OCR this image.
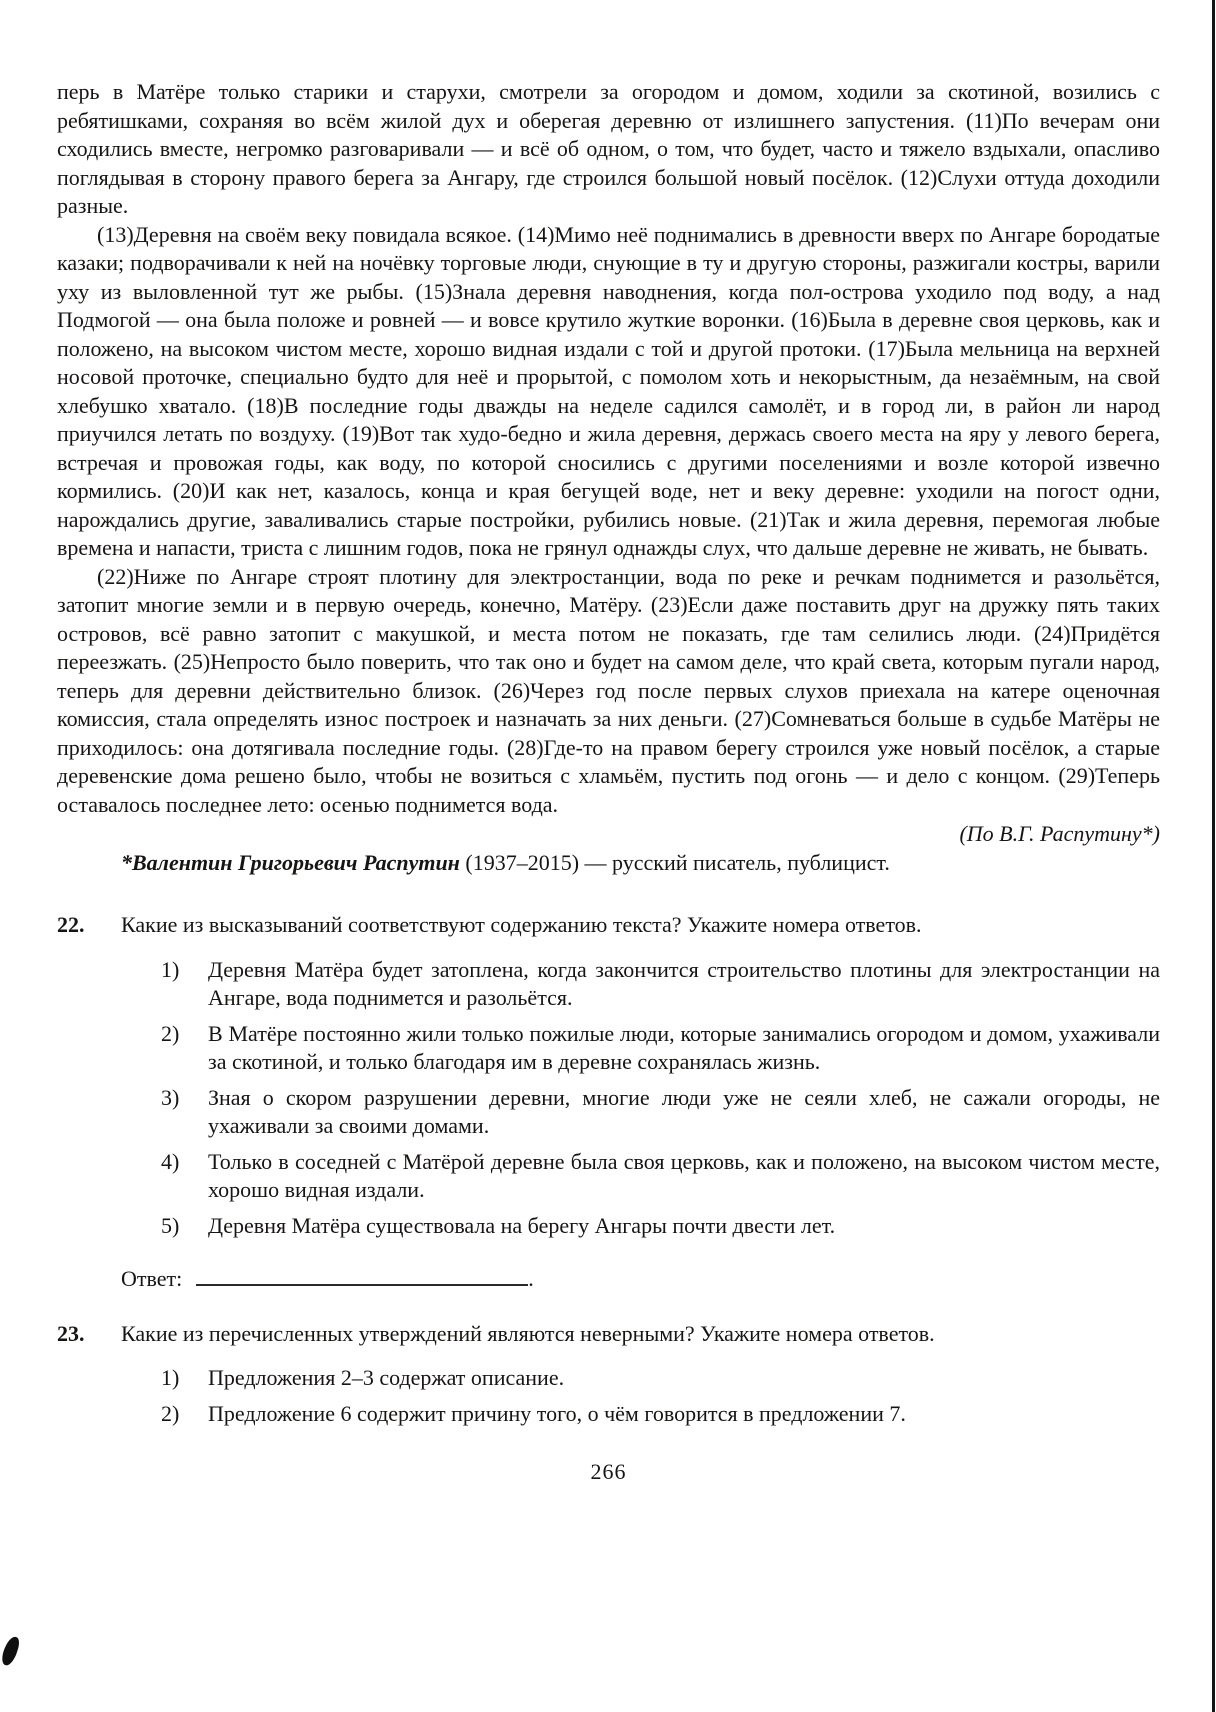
перь в Матёре только старики и старухи, смотрели за огородом и домом, ходили за скотиной, возились с ребятишками, сохраняя во всём жилой дух и оберегая деревню от излишнего запустения. (11)По вечерам они сходились вместе, негромко разговаривали — и всё об одном, о том, что будет, часто и тяжело вздыхали, опасливо поглядывая в сторону правого берега за Ангару, где строился большой новый посёлок. (12)Слухи оттуда доходили разные.

(13)Деревня на своём веку повидала всякое. (14)Мимо неё поднимались в древности вверх по Ангаре бородатые казаки; подворачивали к ней на ночёвку торговые люди, снующие в ту и другую стороны, разжигали костры, варили уху из выловленной тут же рыбы. (15)Знала деревня наводнения, когда пол-острова уходило под воду, а над Подмогой — она была положе и ровней — и вовсе крутило жуткие воронки. (16)Была в деревне своя церковь, как и положено, на высоком чистом месте, хорошо видная издали с той и другой протоки. (17)Была мельница на верхней носовой проточке, специально будто для неё и прорытой, с помолом хоть и некорыстным, да незаёмным, на свой хлебушко хватало. (18)В последние годы дважды на неделе садился самолёт, и в город ли, в район ли народ приучился летать по воздуху. (19)Вот так худо-бедно и жила деревня, держась своего места на яру у левого берега, встречая и провожая годы, как воду, по которой сносились с другими поселениями и возле которой извечно кормились. (20)И как нет, казалось, конца и края бегущей воде, нет и веку деревне: уходили на погост одни, нарождались другие, заваливались старые постройки, рубились новые. (21)Так и жила деревня, перемогая любые времена и напасти, триста с лишним годов, пока не грянул однажды слух, что дальше деревне не живать, не бывать.

(22)Ниже по Ангаре строят плотину для электростанции, вода по реке и речкам поднимется и разольётся, затопит многие земли и в первую очередь, конечно, Матёру. (23)Если даже поставить друг на дружку пять таких островов, всё равно затопит с макушкой, и места потом не показать, где там селились люди. (24)Придётся переезжать. (25)Непросто было поверить, что так оно и будет на самом деле, что край света, которым пугали народ, теперь для деревни действительно близок. (26)Через год после первых слухов приехала на катере оценочная комиссия, стала определять износ построек и назначать за них деньги. (27)Сомневаться больше в судьбе Матёры не приходилось: она дотягивала последние годы. (28)Где-то на правом берегу строился уже новый посёлок, а старые деревенские дома решено было, чтобы не возиться с хламьём, пустить под огонь — и дело с концом. (29)Теперь оставалось последнее лето: осенью поднимется вода.

(По В.Г. Распутину*)

*Валентин Григорьевич Распутин (1937–2015) — русский писатель, публицист.

22. Какие из высказываний соответствуют содержанию текста? Укажите номера ответов.
1) Деревня Матёра будет затоплена, когда закончится строительство плотины для электростанции на Ангаре, вода поднимется и разольётся.
2) В Матёре постоянно жили только пожилые люди, которые занимались огородом и домом, ухаживали за скотиной, и только благодаря им в деревне сохранялась жизнь.
3) Зная о скором разрушении деревни, многие люди уже не сеяли хлеб, не сажали огороды, не ухаживали за своими домами.
4) Только в соседней с Матёрой деревне была своя церковь, как и положено, на высоком чистом месте, хорошо видная издали.
5) Деревня Матёра существовала на берегу Ангары почти двести лет.
Ответ:	.
23. Какие из перечисленных утверждений являются неверными? Укажите номера ответов.
1) Предложения 2–3 содержат описание.
2) Предложение 6 содержит причину того, о чём говорится в предложении 7.
266
